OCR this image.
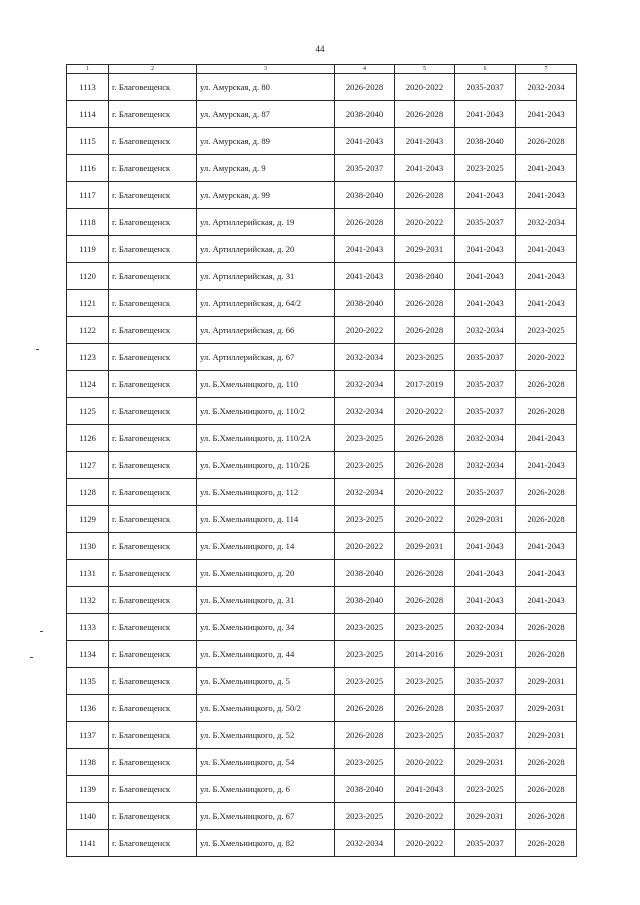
44
1	2	3	4	5	6	7
1113	г. Благовещенск	ул. Амурская, д. 80	2026-2028	2020-2022	2035-2037	2032-2034
1114	г. Благовещенск	ул. Амурская, д. 87	2038-2040	2026-2028	2041-2043	2041-2043
1115	г. Благовещенск	ул. Амурская, д. 89	2041-2043	2041-2043	2038-2040	2026-2028
1116	г. Благовещенск	ул. Амурская, д. 9	2035-2037	2041-2043	2023-2025	2041-2043
1117	г. Благовещенск	ул. Амурская, д. 99	2038-2040	2026-2028	2041-2043	2041-2043
1118	г. Благовещенск	ул. Артиллерийская, д. 19	2026-2028	2020-2022	2035-2037	2032-2034
1119	г. Благовещенск	ул. Артиллерийская, д. 20	2041-2043	2029-2031	2041-2043	2041-2043
1120	г. Благовещенск	ул. Артиллерийская, д. 31	2041-2043	2038-2040	2041-2043	2041-2043
1121	г. Благовещенск	ул. Артиллерийская, д. 64/2	2038-2040	2026-2028	2041-2043	2041-2043
1122	г. Благовещенск	ул. Артиллерийская, д. 66	2020-2022	2026-2028	2032-2034	2023-2025
1123	г. Благовещенск	ул. Артиллерийская, д. 67	2032-2034	2023-2025	2035-2037	2020-2022
1124	г. Благовещенск	ул. Б.Хмельницкого, д. 110	2032-2034	2017-2019	2035-2037	2026-2028
1125	г. Благовещенск	ул. Б.Хмельницкого, д. 110/2	2032-2034	2020-2022	2035-2037	2026-2028
1126	г. Благовещенск	ул. Б.Хмельницкого, д. 110/2А	2023-2025	2026-2028	2032-2034	2041-2043
1127	г. Благовещенск	ул. Б.Хмельницкого, д. 110/2Б	2023-2025	2026-2028	2032-2034	2041-2043
1128	г. Благовещенск	ул. Б.Хмельницкого, д. 112	2032-2034	2020-2022	2035-2037	2026-2028
1129	г. Благовещенск	ул. Б.Хмельницкого, д. 114	2023-2025	2020-2022	2029-2031	2026-2028
1130	г. Благовещенск	ул. Б.Хмельницкого, д. 14	2020-2022	2029-2031	2041-2043	2041-2043
1131	г. Благовещенск	ул. Б.Хмельницкого, д. 20	2038-2040	2026-2028	2041-2043	2041-2043
1132	г. Благовещенск	ул. Б.Хмельницкого, д. 31	2038-2040	2026-2028	2041-2043	2041-2043
1133	г. Благовещенск	ул. Б.Хмельницкого, д. 34	2023-2025	2023-2025	2032-2034	2026-2028
1134	г. Благовещенск	ул. Б.Хмельницкого, д. 44	2023-2025	2014-2016	2029-2031	2026-2028
1135	г. Благовещенск	ул. Б.Хмельницкого, д. 5	2023-2025	2023-2025	2035-2037	2029-2031
1136	г. Благовещенск	ул. Б.Хмельницкого, д. 50/2	2026-2028	2026-2028	2035-2037	2029-2031
1137	г. Благовещенск	ул. Б.Хмельницкого, д. 52	2026-2028	2023-2025	2035-2037	2029-2031
1138	г. Благовещенск	ул. Б.Хмельницкого, д. 54	2023-2025	2020-2022	2029-2031	2026-2028
1139	г. Благовещенск	ул. Б.Хмельницкого, д. 6	2038-2040	2041-2043	2023-2025	2026-2028
1140	г. Благовещенск	ул. Б.Хмельницкого, д. 67	2023-2025	2020-2022	2029-2031	2026-2028
1141	г. Благовещенск	ул. Б.Хмельницкого, д. 82	2032-2034	2020-2022	2035-2037	2026-2028
